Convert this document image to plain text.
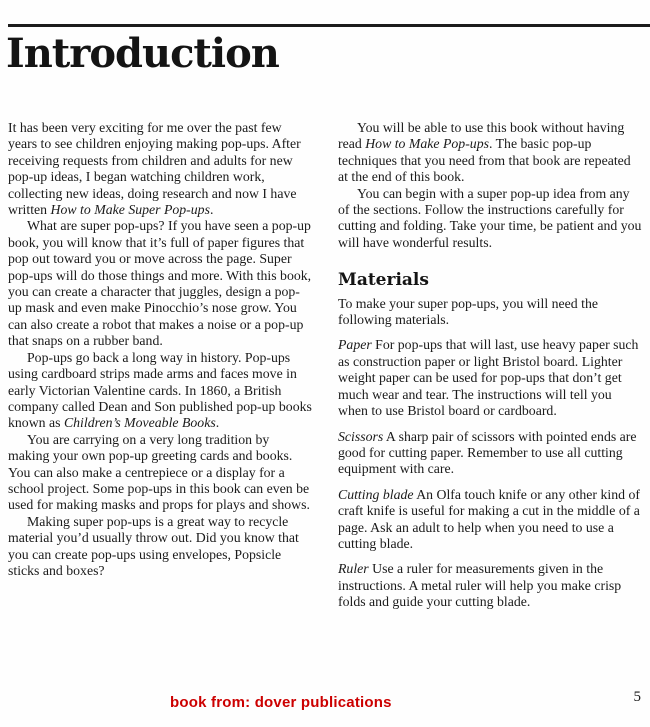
Introduction

It has been very exciting for me over the past few years to see children enjoying making pop-ups. After receiving requests from children and adults for new pop-up ideas, I began watching children work, collecting new ideas, doing research and now I have written How to Make Super Pop-ups.

What are super pop-ups? If you have seen a pop-up book, you will know that it’s full of paper figures that pop out toward you or move across the page. Super pop-ups will do those things and more. With this book, you can create a character that juggles, design a pop-up mask and even make Pinocchio’s nose grow. You can also create a robot that makes a noise or a pop-up that snaps on a rubber band.

Pop-ups go back a long way in history. Pop-ups using cardboard strips made arms and faces move in early Victorian Valentine cards. In 1860, a British company called Dean and Son published pop-up books known as Children’s Moveable Books.

You are carrying on a very long tradition by making your own pop-up greeting cards and books. You can also make a centrepiece or a display for a school project. Some pop-ups in this book can even be used for making masks and props for plays and shows.

Making super pop-ups is a great way to recycle material you’d usually throw out. Did you know that you can create pop-ups using envelopes, Popsicle sticks and boxes?

You will be able to use this book without having read How to Make Pop-ups. The basic pop-up techniques that you need from that book are repeated at the end of this book.

You can begin with a super pop-up idea from any of the sections. Follow the instructions carefully for cutting and folding. Take your time, be patient and you will have wonderful results.

Materials

To make your super pop-ups, you will need the following materials.

Paper For pop-ups that will last, use heavy paper such as construction paper or light Bristol board. Lighter weight paper can be used for pop-ups that don’t get much wear and tear. The instructions will tell you when to use Bristol board or cardboard.

Scissors A sharp pair of scissors with pointed ends are good for cutting paper. Remember to use all cutting equipment with care.

Cutting blade An Olfa touch knife or any other kind of craft knife is useful for making a cut in the middle of a page. Ask an adult to help when you need to use a cutting blade.

Ruler Use a ruler for measurements given in the instructions. A metal ruler will help you make crisp folds and guide your cutting blade.

book from: dover publications	5
